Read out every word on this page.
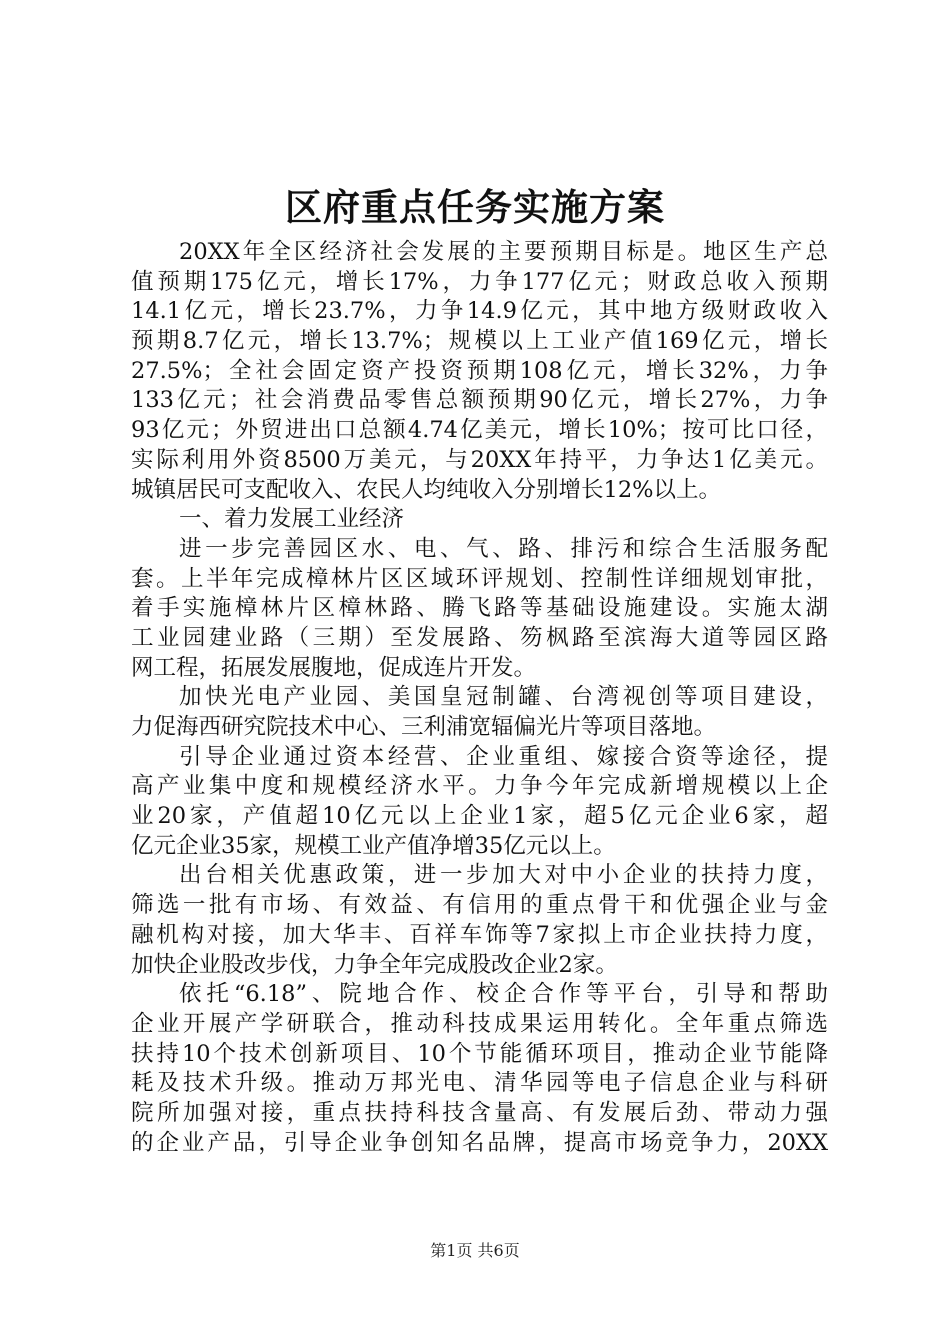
区府重点任务实施方案
20XX年全区经济社会发展的主要预期目标是。地区生产总
值预期175亿元，增长17%，力争177亿元；财政总收入预期
14.1亿元，增长23.7%，力争14.9亿元，其中地方级财政收入
预期8.7亿元，增长13.7%；规模以上工业产值169亿元，增长
27.5%；全社会固定资产投资预期108亿元，增长32%，力争
133亿元；社会消费品零售总额预期90亿元，增长27%，力争
93亿元；外贸进出口总额4.74亿美元，增长10%；按可比口径，
实际利用外资8500万美元，与20XX年持平，力争达1亿美元。
城镇居民可支配收入、农民人均纯收入分别增长12%以上。
一、着力发展工业经济
进一步完善园区水、电、气、路、排污和综合生活服务配
套。上半年完成樟林片区区域环评规划、控制性详细规划审批，
着手实施樟林片区樟林路、腾飞路等基础设施建设。实施太湖
工业园建业路（三期）至发展路、笏枫路至滨海大道等园区路
网工程，拓展发展腹地，促成连片开发。
加快光电产业园、美国皇冠制罐、台湾视创等项目建设，
力促海西研究院技术中心、三利浦宽辐偏光片等项目落地。
引导企业通过资本经营、企业重组、嫁接合资等途径，提
高产业集中度和规模经济水平。力争今年完成新增规模以上企
业20家，产值超10亿元以上企业1家，超5亿元企业6家，超
亿元企业35家，规模工业产值净增35亿元以上。
出台相关优惠政策，进一步加大对中小企业的扶持力度，
筛选一批有市场、有效益、有信用的重点骨干和优强企业与金
融机构对接，加大华丰、百祥车饰等7家拟上市企业扶持力度，
加快企业股改步伐，力争全年完成股改企业2家。
依托“6.18”、院地合作、校企合作等平台，引导和帮助
企业开展产学研联合，推动科技成果运用转化。全年重点筛选
扶持10个技术创新项目、10个节能循环项目，推动企业节能降
耗及技术升级。推动万邦光电、清华园等电子信息企业与科研
院所加强对接，重点扶持科技含量高、有发展后劲、带动力强
的企业产品，引导企业争创知名品牌，提高市场竞争力，20XX
第1页 共6页
